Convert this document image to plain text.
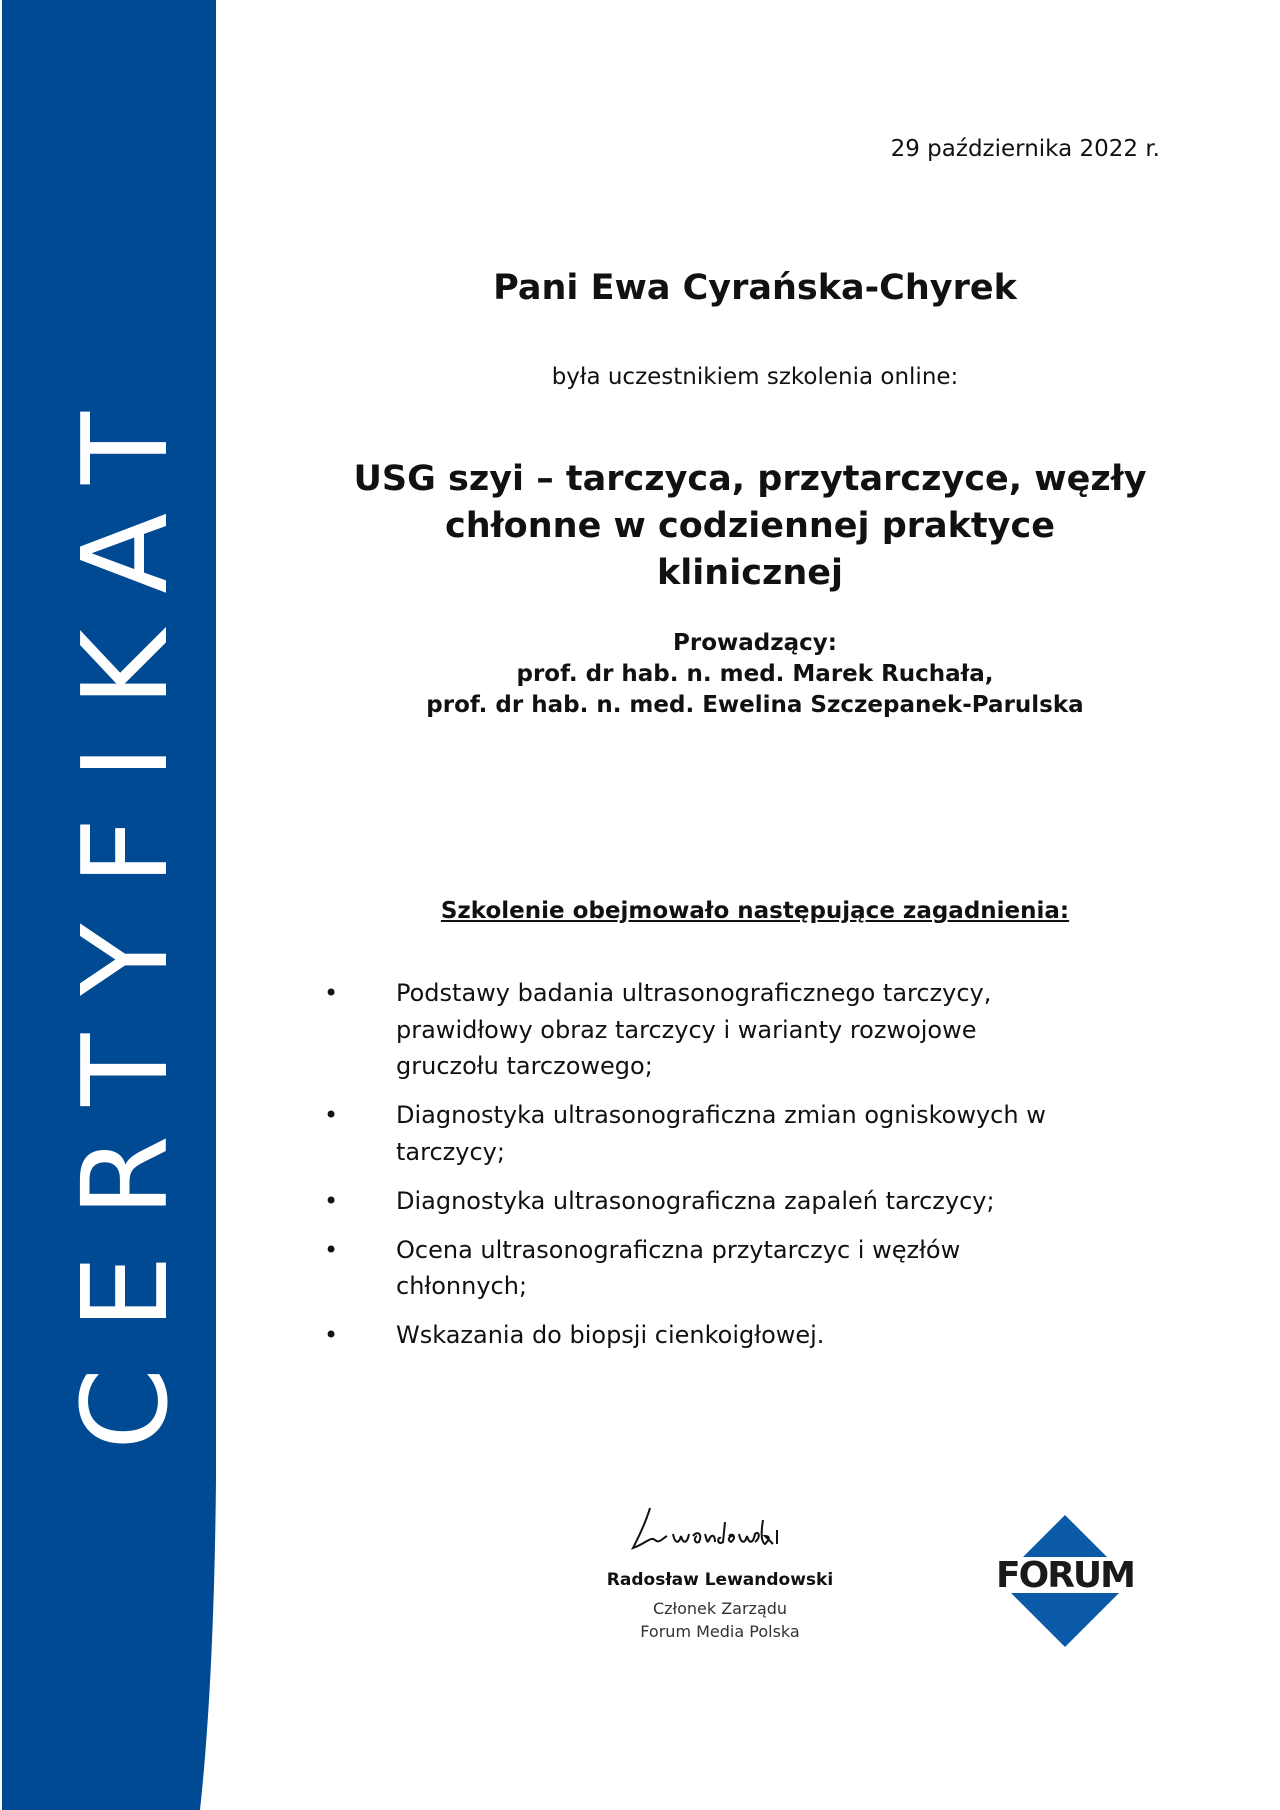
CERTYFIKAT
29 października 2022 r.
Pani Ewa Cyrańska-Chyrek
była uczestnikiem szkolenia online:
USG szyi – tarczyca, przytarczyce, węzły
chłonne w codziennej praktyce
klinicznej
Prowadzący:
prof. dr hab. n. med. Marek Ruchała,
prof. dr hab. n. med. Ewelina Szczepanek-Parulska
Szkolenie obejmowało następujące zagadnienia:
• Podstawy badania ultrasonograficznego tarczycy, prawidłowy obraz tarczycy i warianty rozwojowe gruczołu tarczowego;
• Diagnostyka ultrasonograficzna zmian ogniskowych w tarczycy;
• Diagnostyka ultrasonograficzna zapaleń tarczycy;
• Ocena ultrasonograficzna przytarczyc i węzłów chłonnych;
• Wskazania do biopsji cienkoigłowej.
Radosław Lewandowski
Członek Zarządu
Forum Media Polska
FORUM
